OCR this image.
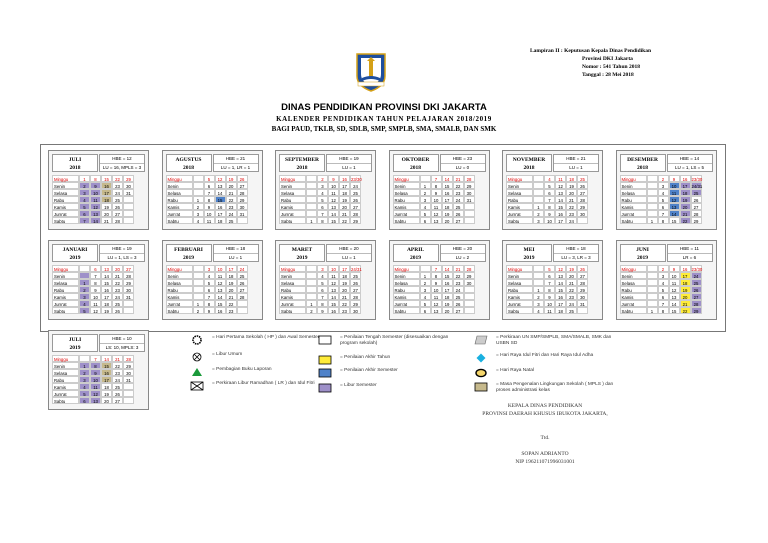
Lampiran II : Keputusan Kepala Dinas Pendidikan
Provinsi DKI Jakarta
Nomor : 541 Tahun 2018
Tanggal : 28 Mei 2018
DINAS PENDIDIKAN PROVINSI DKI JAKARTA
KALENDER PENDIDIKAN TAHUN PELAJARAN 2018/2019
BAGI PAUD, TKLB, SD, SDLB, SMP, SMPLB, SMA, SMALB, DAN SMK
JULI
2018
HBE = 12
LU = 16, MPLS = 3
Minggu	1	8	15	22	29
Senin	2	9	16	23	30
Selasa	3	10	17	24	31
Rabu	4	11	18	25
Kamis	5	12	19	26
Jum'at	6	13	20	27
Sabtu	7	14	21	28
AGUSTUS
2018
HBE = 21
LU = 1, LR = 1
Minggu	5	12	19	26
Senin	6	13	20	27
Selasa	7	14	21	28
Rabu	1	8	15	22	29
Kamis	2	9	16	23	30
Jum'at	3	10	17	24	31
Sabtu	4	11	18	25
SEPTEMBER
2018
HBE = 19
LU = 1
Minggu	2	9	16 23/30
Senin	3	10	17	24
Selasa	4	11	18	25
Rabu	5	12	19	26
Kamis	6	13	20	27
Jum'at	7	14	21	28
Sabtu	1	8	15	22	29
OKTOBER
2018
HBE = 23
LU = 0
Minggu	7	14	21	28
Senin	1	8	15	22	29
Selasa	2	9	16	23	30
Rabu	3	10	17	24	31
Kamis	4	11	18	25
Jum'at	5	12	19	26
Sabtu	6	13	20	27
NOVEMBER
2018
HBE = 21
LU = 1
Minggu	4	11	18	25
Senin	5	12	19	26
Selasa	6	13	20	27
Rabu	7	14	21	28
Kamis	1	8	15	22	29
Jum'at	2	9	16	23	30
Sabtu	3	10	17	24
DESEMBER
2018
HBE = 14
LU = 1, LS = 5
Minggu	2	9	16 23/30
Senin	3	10	17 24/31
Selasa	4	11	18	25
Rabu	5	12	19	26
Kamis	6	13	20	27
Jum'at	7	14	21	28
Sabtu	1	8	15	22	29
JANUARI
2019
HBE = 19
LU = 1, LS = 3
Minggu	6	13	20	27
Senin	7	14	21	28
Selasa	1	8	15	22	29
Rabu	2	9	16	23	30
Kamis	3	10	17	24	31
Jum'at	4	11	18	25
Sabtu	5	12	19	26
FEBRUARI
2019
HBE = 18
LU = 1
Minggu	3	10	17	24
Senin	4	11	18	25
Selasa	5	12	19	26
Rabu	6	13	20	27
Kamis	7	14	21	28
Jum'at	1	8	15	22
Sabtu	2	9	16	23
MARET
2019
HBE = 20
LU = 1
Minggu	3	10	17 24/31
Senin	4	11	18	25
Selasa	5	12	19	26
Rabu	6	13	20	27
Kamis	7	14	21	28
Jum'at	1	8	15	22	29
Sabtu	2	9	16	23	30
APRIL
2019
HBE = 20
LU = 2
Minggu	7	14	21	28
Senin	1	8	15	22	29
Selasa	2	9	16	23	30
Rabu	3	10	17	24
Kamis	4	11	18	25
Jum'at	5	12	19	26
Sabtu	6	13	20	27
MEI
2019
HBE = 18
LU = 3, LR = 3
Minggu	5	12	19	26
Senin	6	13	20	27
Selasa	7	14	21	28
Rabu	1	8	15	22	29
Kamis	2	9	16	23	30
Jum'at	3	10	17	24	31
Sabtu	4	11	18	25
JUNI
2019
HBE = 11
LR = 6
Minggu	2	9	16 23/30
Senin	3	10	17	24
Selasa	4	11	18	25
Rabu	5	12	19	26
Kamis	6	13	20	27
Jum'at	7	14	21	28
Sabtu	1	8	15	22	29
JULI
2019
HBE = 10
LS: 10, MPLS: 3
Minggu	7	14	21	28
Senin	1	8	15	22	29
Selasa	2	9	16	23	30
Rabu	3	10	17	24	31
Kamis	4	11	18	25
Jum'at	5	12	19	26
Sabtu	6	13	20	27
= Hari Pertama Sekolah ( HP ) dan Awal Semester
= Libur Umum
= Pembagian Buku Laporan
= Perkiraan Libur Ramadhan ( LR ) dan Idul Fitri
= Penilaian Tengah Semester (disesuaikan dengan program sekolah)
= Penilaian Akhir Tahun
= Penilaian Akhir Semester
= Libur Semester
= Perkiraan UN SMP/SMPLB, SMA/SMALB, SMK dan USBN SD
= Hari Raya Idul Fitri dan Hari Raya Idul Adha
= Hari Raya Natal
= Masa Pengenalan Lingkungan Sekolah ( MPLS ) dan proses administrasi kelas
KEPALA DINAS PENDIDIKAN
PROVINSI DAERAH KHUSUS IBUKOTA JAKARTA,
Ttd.
SOPAN ADRIANTO
NIP 196211071996031001
